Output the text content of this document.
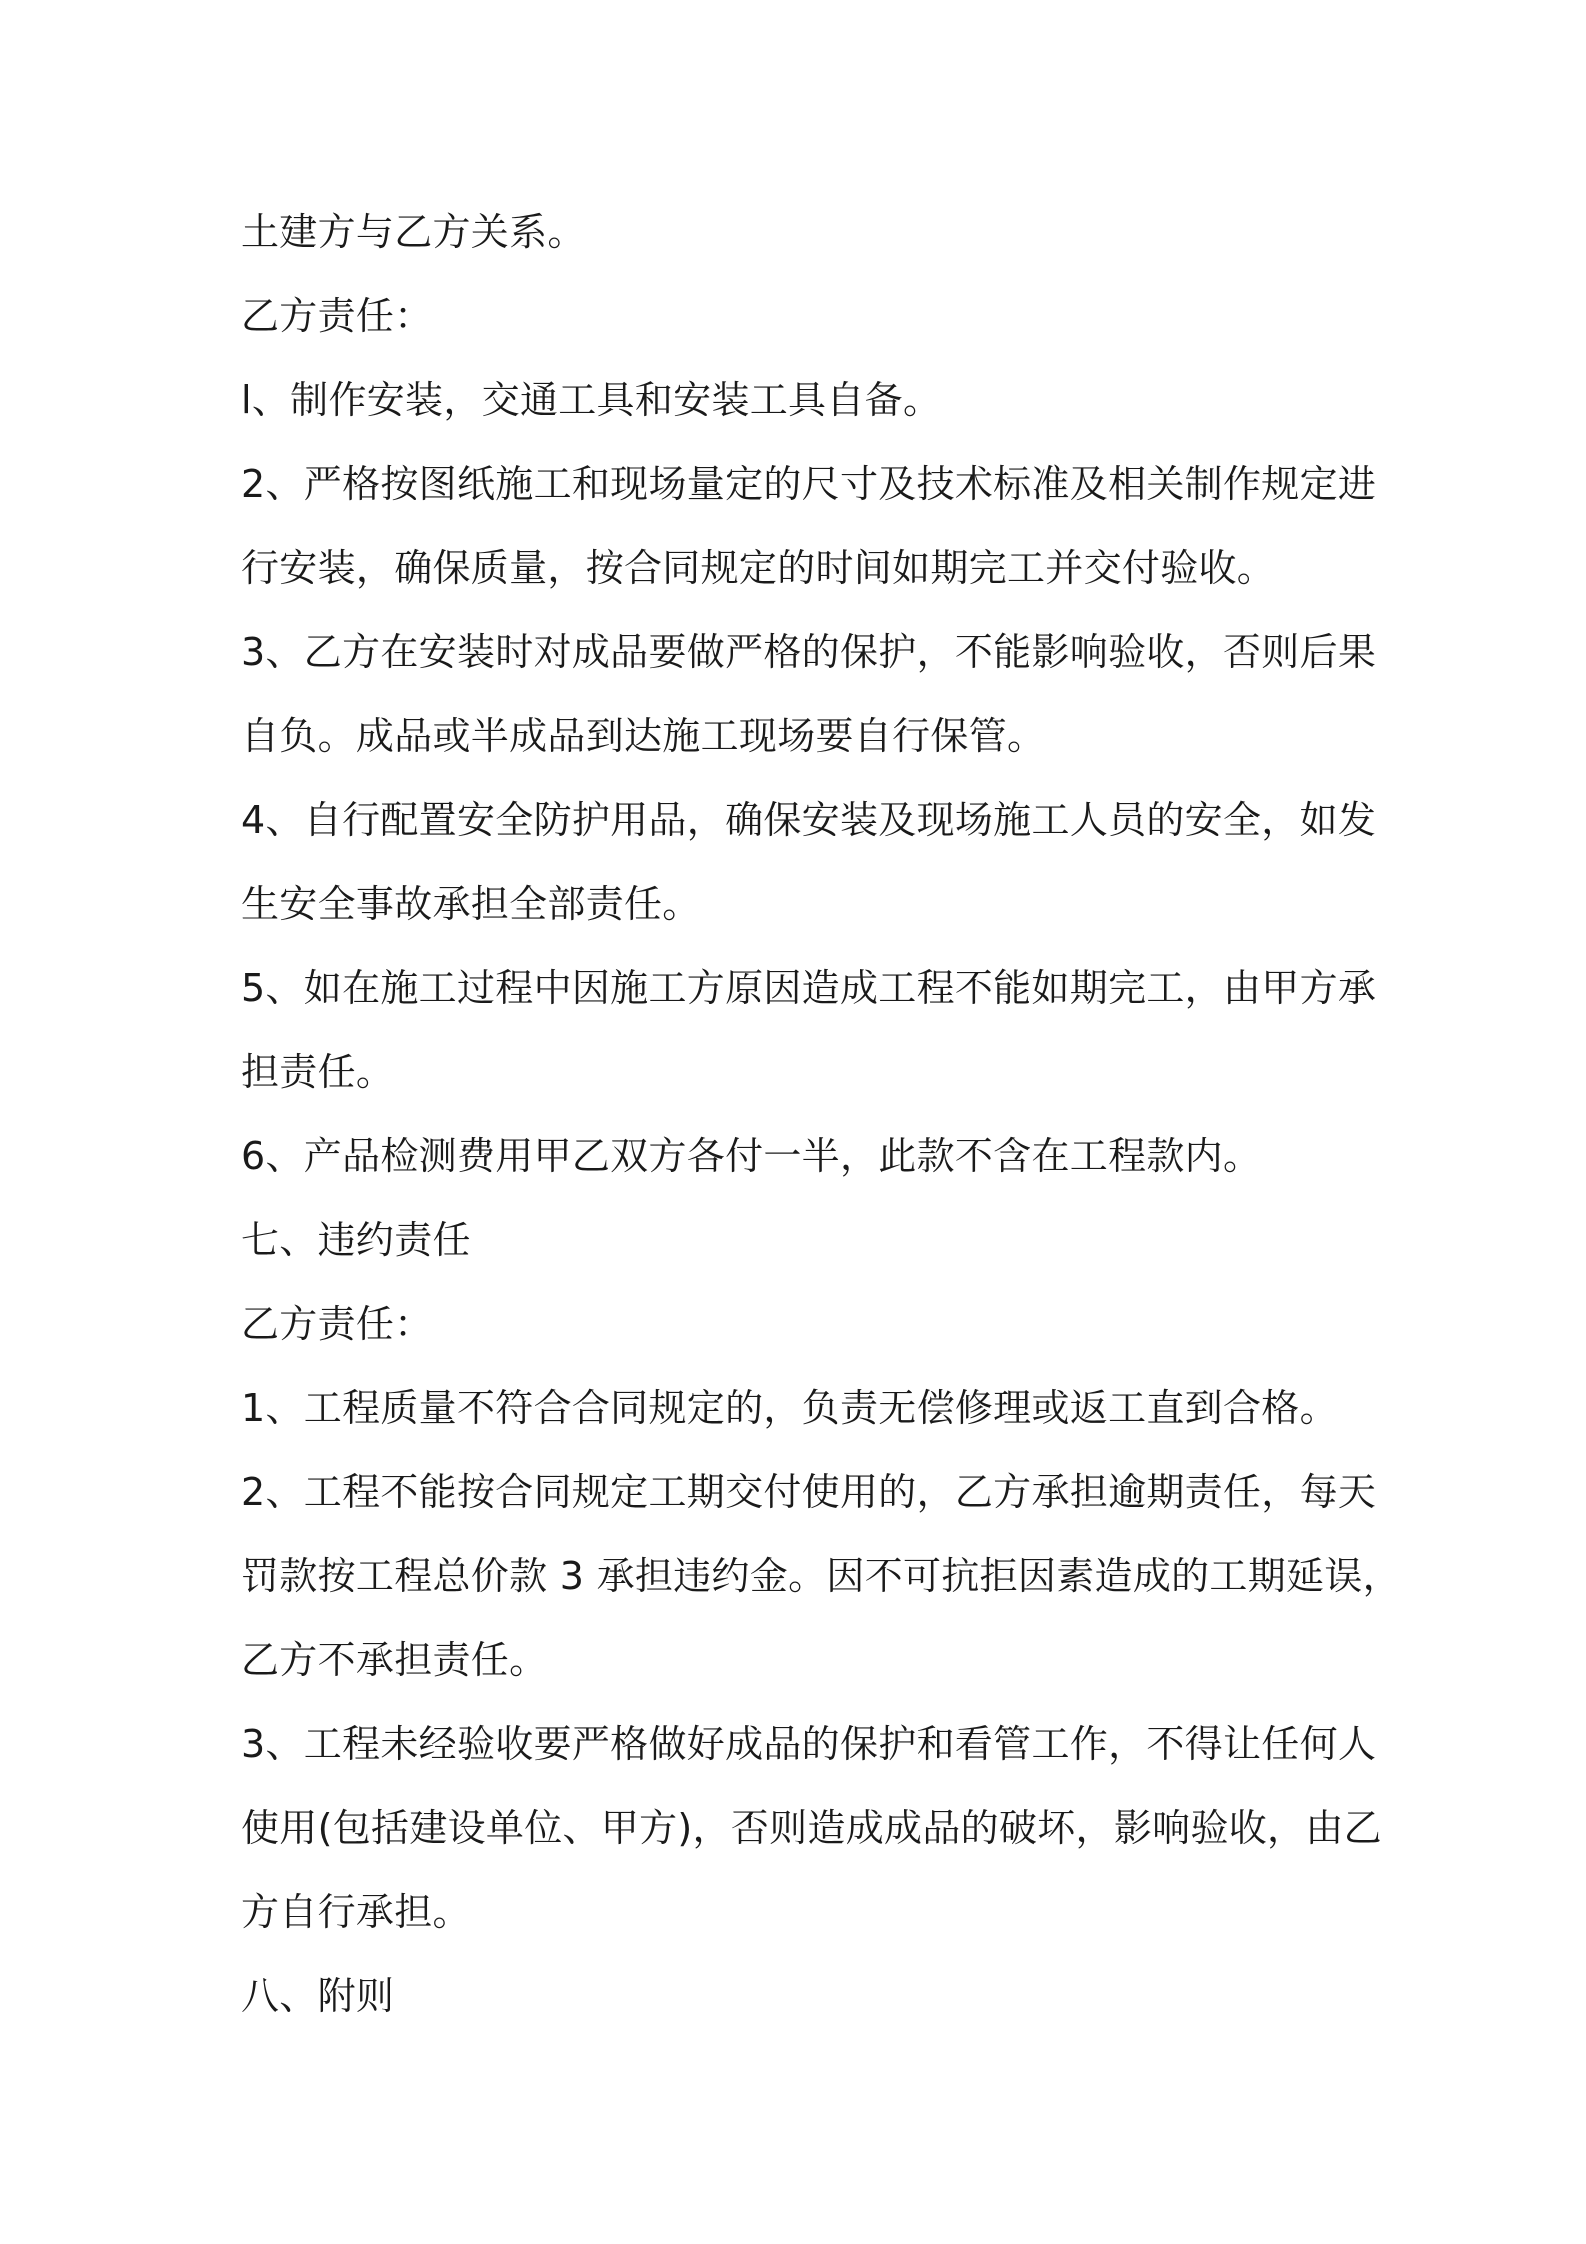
土建方与乙方关系。
乙方责任：
l、制作安装，交通工具和安装工具自备。
2、严格按图纸施工和现场量定的尺寸及技术标准及相关制作规定进
行安装，确保质量，按合同规定的时间如期完工并交付验收。
3、乙方在安装时对成品要做严格的保护，不能影响验收，否则后果
自负。成品或半成品到达施工现场要自行保管。
4、自行配置安全防护用品，确保安装及现场施工人员的安全，如发
生安全事故承担全部责任。
5、如在施工过程中因施工方原因造成工程不能如期完工，由甲方承
担责任。
6、产品检测费用甲乙双方各付一半，此款不含在工程款内。
七、违约责任
乙方责任：
1、工程质量不符合合同规定的，负责无偿修理或返工直到合格。
2、工程不能按合同规定工期交付使用的，乙方承担逾期责任，每天
罚款按工程总价款 3 承担违约金。因不可抗拒因素造成的工期延误，
乙方不承担责任。
3、工程未经验收要严格做好成品的保护和看管工作，不得让任何人
使用(包括建设单位、甲方)，否则造成成品的破坏，影响验收，由乙
方自行承担。
八、附则
